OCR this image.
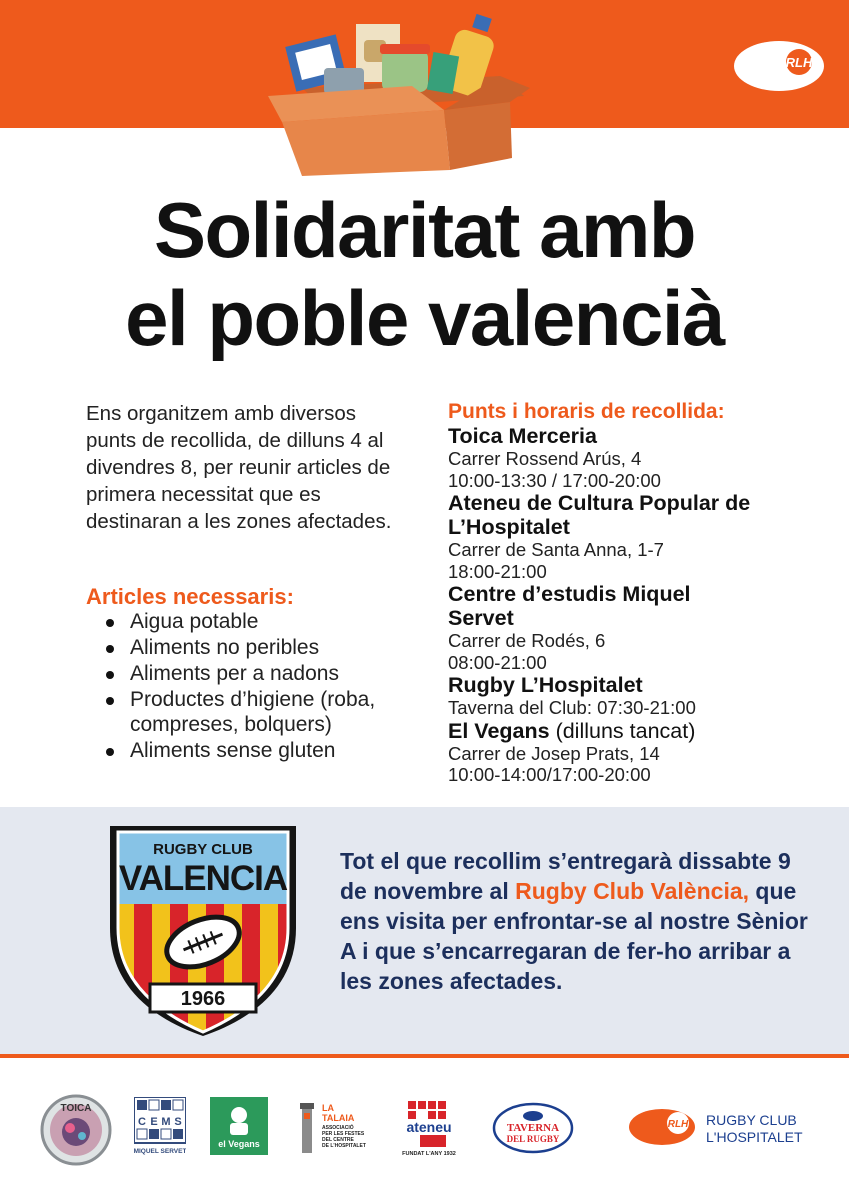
RLH
Solidaritat amb
el poble valencià

Ens organitzem amb diversos punts de recollida, de dilluns 4 al divendres 8, per reunir articles de primera necessitat que es destinaran a les zones afectades.

Articles necessaris:
Aigua potable
Aliments no peribles
Aliments per a nadons
Productes d’higiene (roba, compreses, bolquers)
Aliments sense gluten
Punts i horaris de recollida:
Toica Merceria
Carrer Rossend Arús, 4
10:00-13:30 / 17:00-20:00
Ateneu de Cultura Popular de L’Hospitalet
Carrer de Santa Anna, 1-7
18:00-21:00
Centre d’estudis Miquel Servet
Carrer de Rodés, 6
08:00-21:00
Rugby L’Hospitalet
Taverna del Club: 07:30-21:00
El Vegans (dilluns tancat)
Carrer de Josep Prats, 14
10:00-14:00/17:00-20:00
RUGBY CLUB
VALENCIA
1966

Tot el que recollim s’entregarà dissabte 9 de novembre al Rugby Club València, que ens visita per enfrontar-se al nostre Sènior A i que s’encarregaran de fer-ho arribar a les zones afectades.

TOICA
C E M S
MIQUEL SERVET
el Vegans
LA
TALAIA
ASSOCIACIÓ
PER LES FESTES
DEL CENTRE
DE L'HOSPITALET
ateneu
FUNDAT L'ANY 1932
TAVERNA
DEL RUGBY
RLH RUGBY CLUB
L'HOSPITALET
